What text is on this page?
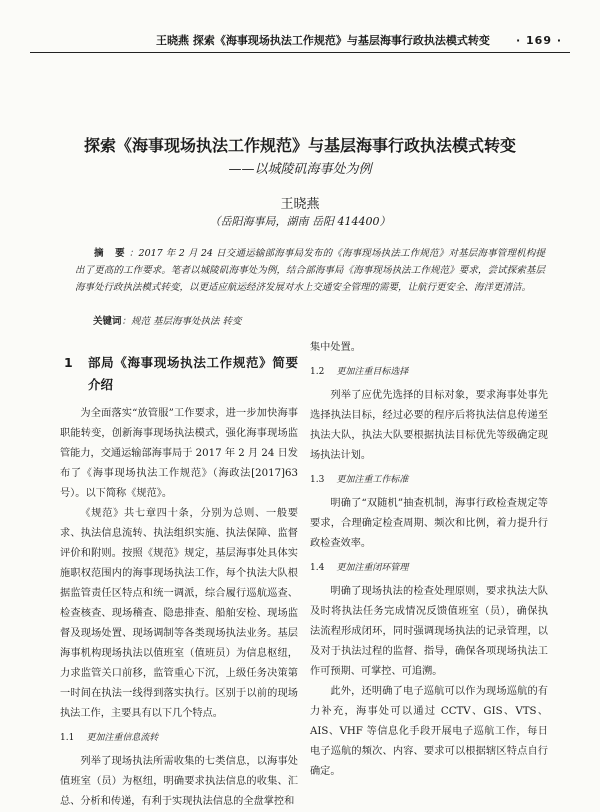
王晓燕 探索《海事现场执法工作规范》与基层海事行政执法模式转变 · 169 ·
探索《海事现场执法工作规范》与基层海事行政执法模式转变
——以城陵矶海事处为例
王晓燕
（岳阳海事局，湖南 岳阳 414400）
摘 要：2017 年 2 月 24 日交通运输部海事局发布的《海事现场执法工作规范》对基层海事管理机构提出了更高的工作要求。笔者以城陵矶海事处为例，结合部海事局《海事现场执法工作规范》要求，尝试探索基层海事处行政执法模式转变，以更适应航运经济发展对水上交通安全管理的需要，让航行更安全、海洋更清洁。
关键词：规范 基层海事处执法 转变
1	部局《海事现场执法工作规范》简要介绍

为全面落实“放管服”工作要求，进一步加快海事职能转变，创新海事现场执法模式，强化海事现场监管能力，交通运输部海事局于 2017 年 2 月 24 日发布了《海事现场执法工作规范》（海政法[2017]63 号）。以下简称《规范》。

《规范》共七章四十条，分别为总则、一般要求、执法信息流转、执法组织实施、执法保障、监督评价和附则。按照《规范》规定，基层海事处具体实施职权范围内的海事现场执法工作，每个执法大队根据监管责任区特点和统一调派，综合履行巡航巡查、检查核查、现场稽查、隐患排查、船舶安检、现场监督及现场处置、现场调制等各类现场执法业务。基层海事机构现场执法以值班室（值班员）为信息枢纽，力求监管关口前移，监管重心下沉，上级任务决策第一时间在执法一线得到落实执行。区别于以前的现场执法工作，主要具有以下几个特点。

1.1 更加注重信息流转

列举了现场执法所需收集的七类信息，以海事处值班室（员）为枢纽，明确要求执法信息的收集、汇总、分析和传递，有利于实现执法信息的全盘掌控和

集中处置。

1.2 更加注重目标选择

列举了应优先选择的目标对象，要求海事处事先选择执法目标，经过必要的程序后将执法信息传递至执法大队，执法大队要根据执法目标优先等级确定现场执法计划。

1.3 更加注重工作标准

明确了“双随机”抽查机制，海事行政检查规定等要求，合理确定检查周期、频次和比例，着力提升行政检查效率。

1.4 更加注重闭环管理

明确了现场执法的检查处理原则，要求执法大队及时将执法任务完成情况反馈值班室（员），确保执法流程形成闭环，同时强调现场执法的记录管理，以及对于执法过程的监督、指导，确保各项现场执法工作可预期、可掌控、可追溯。

此外，还明确了电子巡航可以作为现场巡航的有力补充，海事处可以通过 CCTV、GIS、VTS、AIS、VHF 等信息化手段开展电子巡航工作，每日电子巡航的频次、内容、要求可以根据辖区特点自行确定。
